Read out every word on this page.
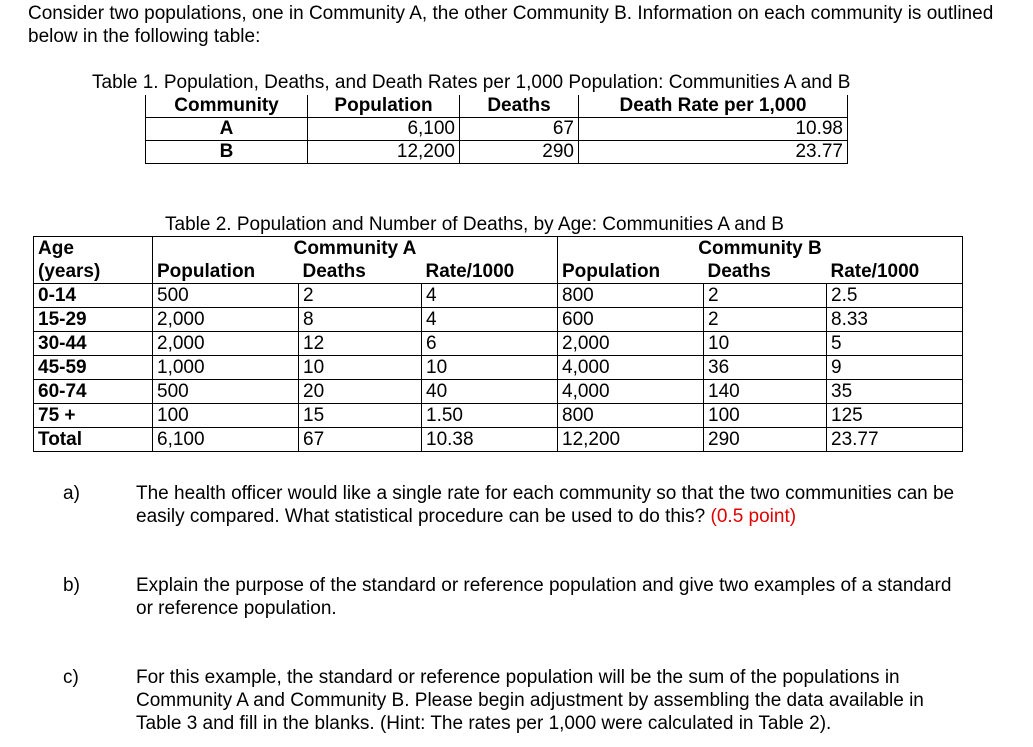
Consider two populations, one in Community A, the other Community B. Information on each community is outlined below in the following table:
Table 1. Population, Deaths, and Death Rates per 1,000 Population: Communities A and B
Community	Population	Deaths	Death Rate per 1,000
A	6,100	67	10.98
B	12,200	290	23.77
Table 2. Population and Number of Deaths, by Age: Communities A and B
Age
(years)	Community A			Community B		
	Population	Deaths	Rate/1000	Population	Deaths	Rate/1000
0-14	500	2	4	800	2	2.5
15-29	2,000	8	4	600	2	8.33
30-44	2,000	12	6	2,000	10	5
45-59	1,000	10	10	4,000	36	9
60-74	500	20	40	4,000	140	35
75 +	100	15	1.50	800	100	125
Total	6,100	67	10.38	12,200	290	23.77
a)	The health officer would like a single rate for each community so that the two communities can be easily compared. What statistical procedure can be used to do this? (0.5 point)
b)	Explain the purpose of the standard or reference population and give two examples of a standard or reference population.
c)	For this example, the standard or reference population will be the sum of the populations in Community A and Community B. Please begin adjustment by assembling the data available in Table 3 and fill in the blanks. (Hint: The rates per 1,000 were calculated in Table 2).
